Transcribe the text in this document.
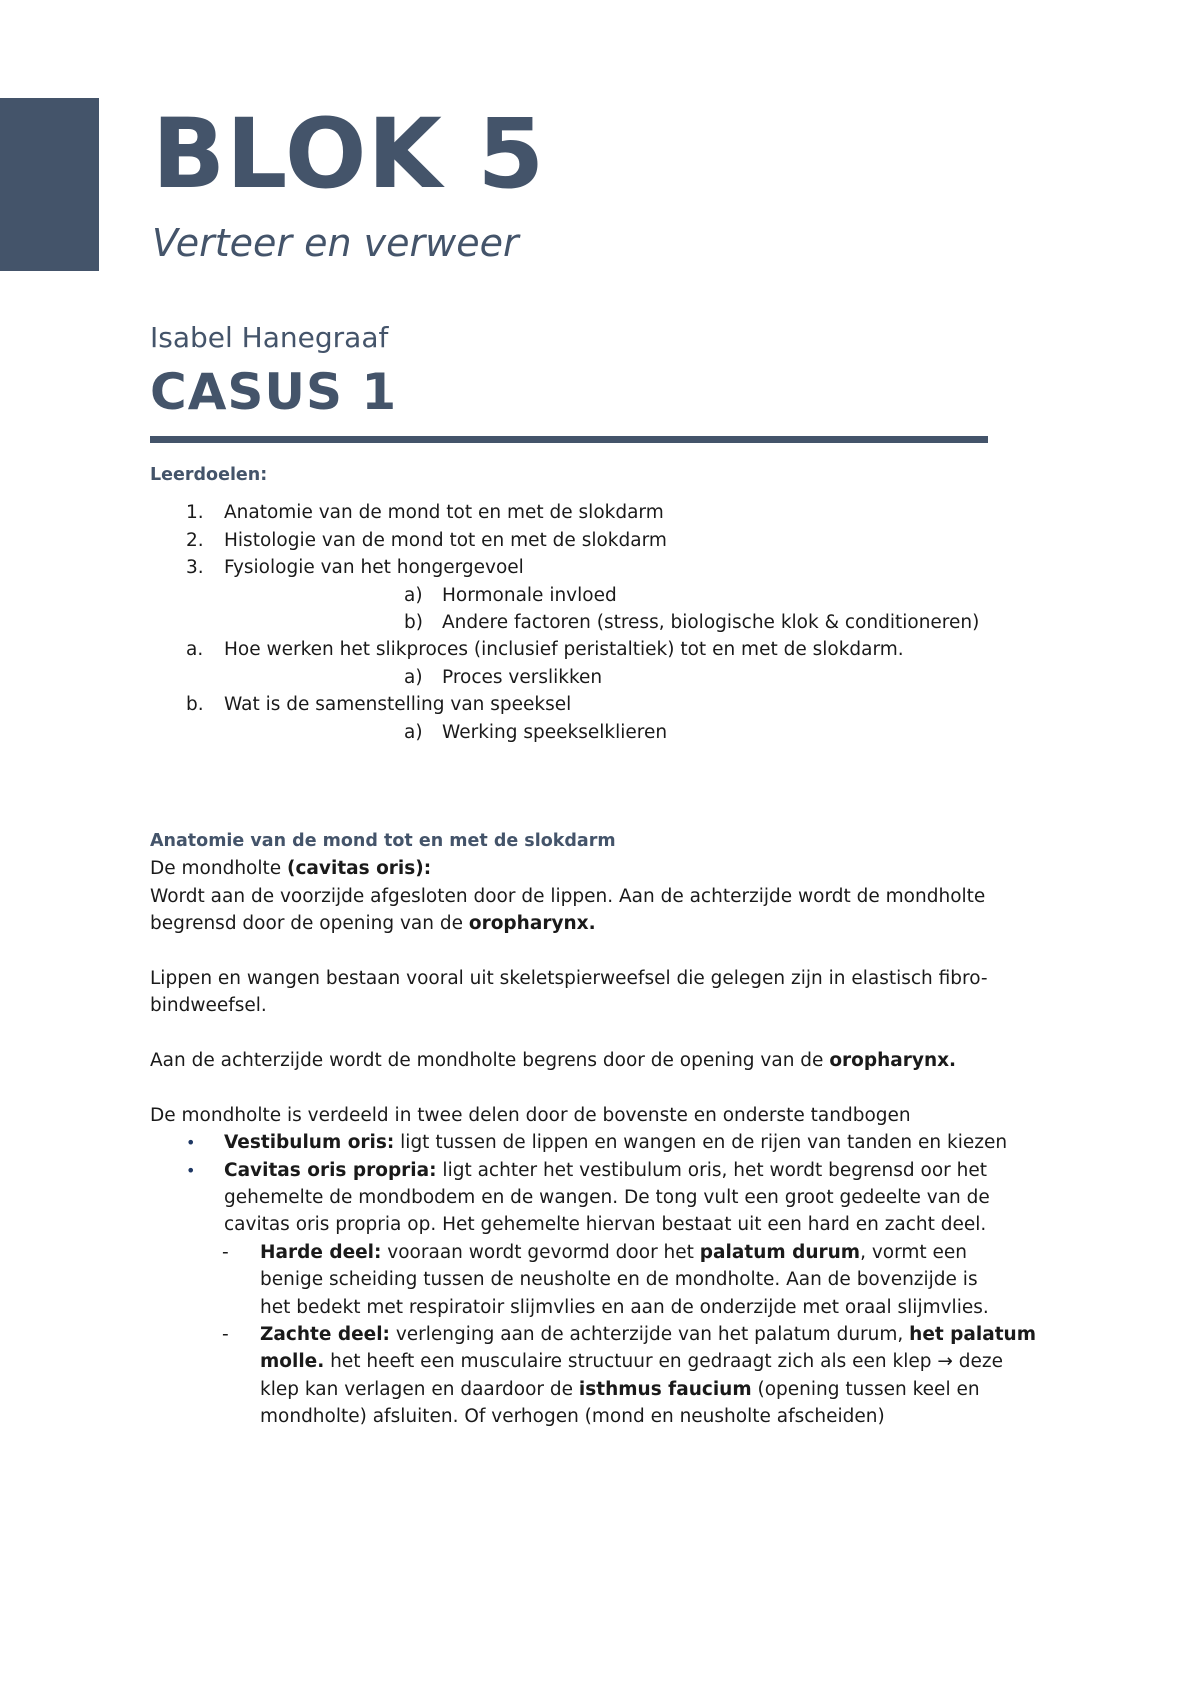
BLOK 5
Verteer en verweer
Isabel Hanegraaf
CASUS 1
Leerdoelen:
1. Anatomie van de mond tot en met de slokdarm
2. Histologie van de mond tot en met de slokdarm
3. Fysiologie van het hongergevoel
a) Hormonale invloed
b) Andere factoren (stress, biologische klok & conditioneren)
a. Hoe werken het slikproces (inclusief peristaltiek) tot en met de slokdarm.
a) Proces verslikken
b. Wat is de samenstelling van speeksel
a) Werking speekselklieren
Anatomie van de mond tot en met de slokdarm
De mondholte (cavitas oris):
Wordt aan de voorzijde afgesloten door de lippen. Aan de achterzijde wordt de mondholte
begrensd door de opening van de oropharynx.
Lippen en wangen bestaan vooral uit skeletspierweefsel die gelegen zijn in elastisch fibro-
bindweefsel.
Aan de achterzijde wordt de mondholte begrens door de opening van de oropharynx.
De mondholte is verdeeld in twee delen door de bovenste en onderste tandbogen
• Vestibulum oris: ligt tussen de lippen en wangen en de rijen van tanden en kiezen
• Cavitas oris propria: ligt achter het vestibulum oris, het wordt begrensd oor het
gehemelte de mondbodem en de wangen. De tong vult een groot gedeelte van de
cavitas oris propria op. Het gehemelte hiervan bestaat uit een hard en zacht deel.
- Harde deel: vooraan wordt gevormd door het palatum durum, vormt een
benige scheiding tussen de neusholte en de mondholte. Aan de bovenzijde is
het bedekt met respiratoir slijmvlies en aan de onderzijde met oraal slijmvlies.
- Zachte deel: verlenging aan de achterzijde van het palatum durum, het palatum
molle. het heeft een musculaire structuur en gedraagt zich als een klep → deze
klep kan verlagen en daardoor de isthmus faucium (opening tussen keel en
mondholte) afsluiten. Of verhogen (mond en neusholte afscheiden)
